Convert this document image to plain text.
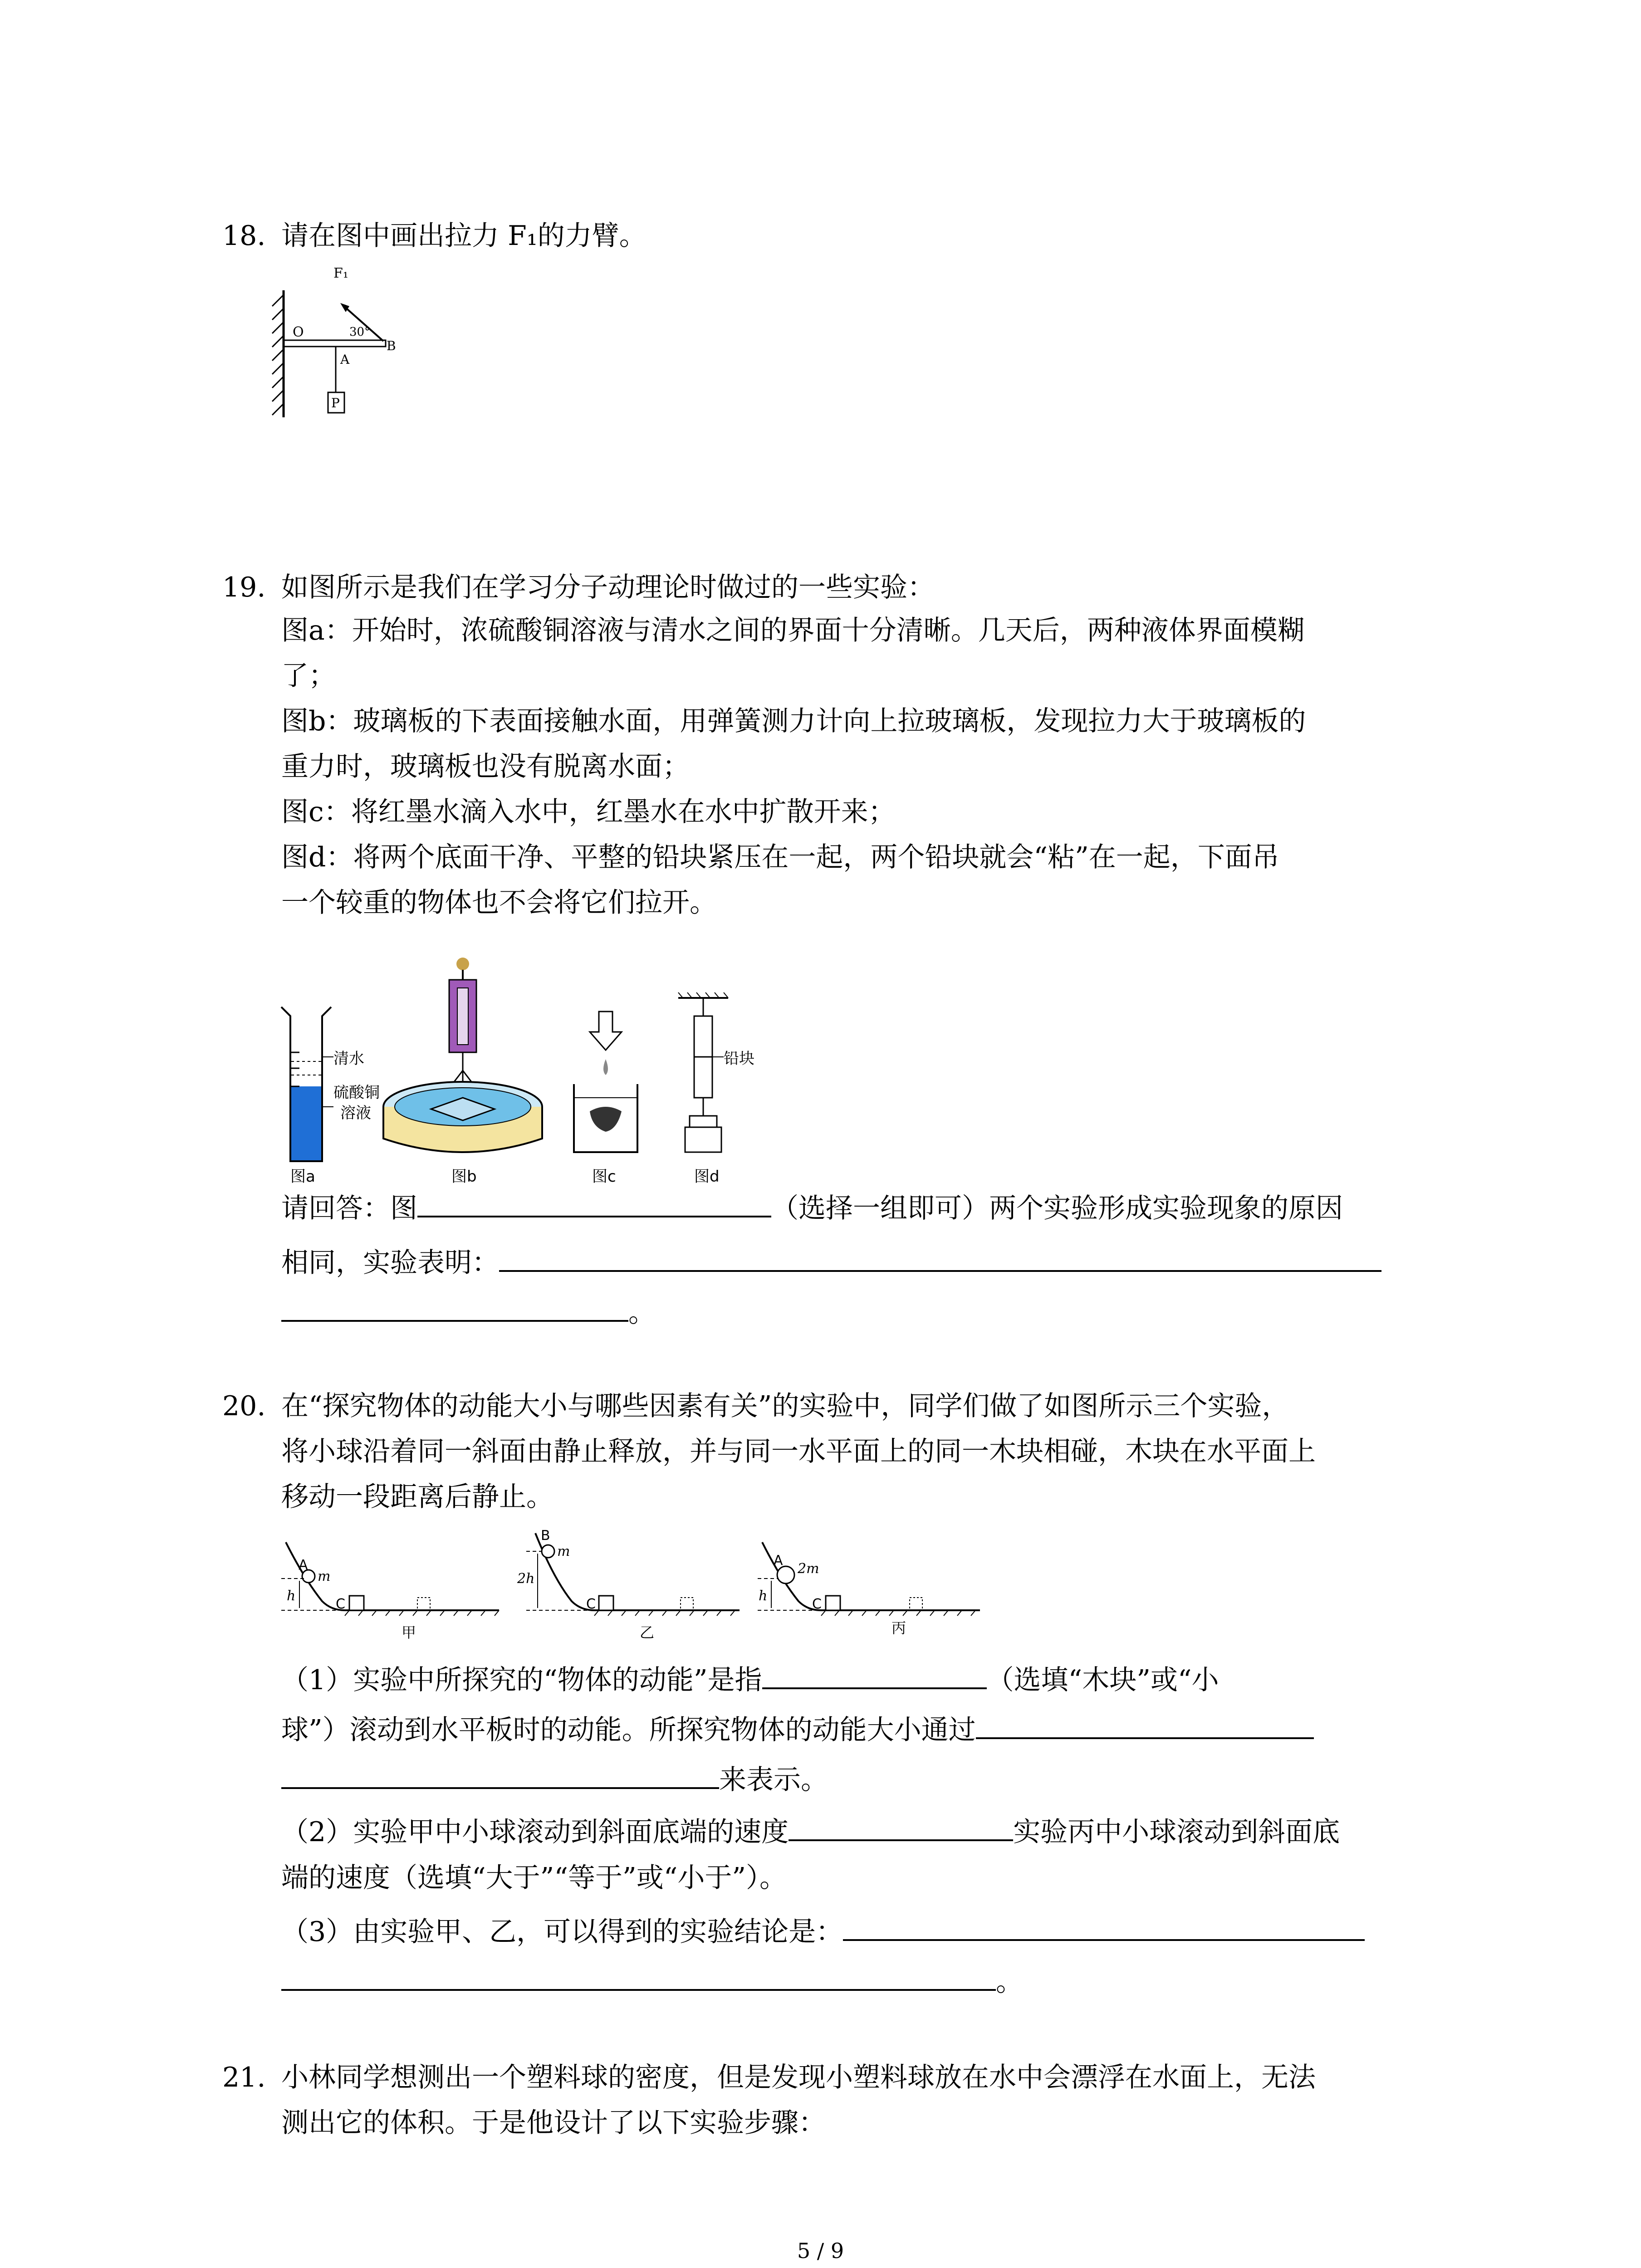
18. 请在图中画出拉力 F₁的力臂。
P
F₁
30°
O
B
A
19. 如图所示是我们在学习分子动理论时做过的一些实验：
图a：开始时，浓硫酸铜溶液与清水之间的界面十分清晰。几天后，两种液体界面模糊
了；
图b：玻璃板的下表面接触水面，用弹簧测力计向上拉玻璃板，发现拉力大于玻璃板的
重力时，玻璃板也没有脱离水面；
图c：将红墨水滴入水中，红墨水在水中扩散开来；
图d：将两个底面干净、平整的铅块紧压在一起，两个铅块就会“粘”在一起，下面吊
一个较重的物体也不会将它们拉开。
清水
硫酸铜
溶液
图a	图b	图c
铅块
图d
请回答：图	（选择一组即可）两个实验形成实验现象的原因
相同，实验表明：
。
20. 在“探究物体的动能大小与哪些因素有关”的实验中，同学们做了如图所示三个实验，
将小球沿着同一斜面由静止释放，并与同一水平面上的同一木块相碰，木块在水平面上
移动一段距离后静止。
A
m
h
C
甲
B
m
2h
C
乙
A
2m
h
C
丙
（1）实验中所探究的“物体的动能”是指	（选填“木块”或“小
球”）滚动到水平板时的动能。所探究物体的动能大小通过
来表示。
（2）实验甲中小球滚动到斜面底端的速度	实验丙中小球滚动到斜面底
端的速度（选填“大于”“等于”或“小于”）。
（3）由实验甲、乙，可以得到的实验结论是：
。
21. 小林同学想测出一个塑料球的密度，但是发现小塑料球放在水中会漂浮在水面上，无法
测出它的体积。于是他设计了以下实验步骤：
5 / 9
